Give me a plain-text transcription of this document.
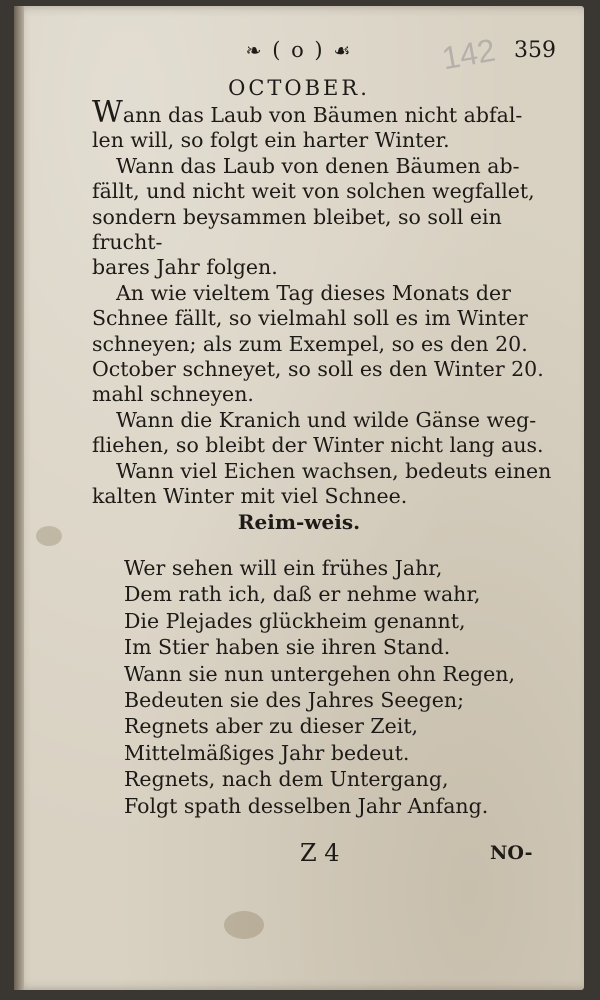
❧ ( o ) ☙	142 359
OCTOBER.

Wann das Laub von Bäumen nicht abfal-
len will, so folgt ein harter Winter.

Wann das Laub von denen Bäumen ab-
fällt, und nicht weit von solchen wegfallet,
sondern beysammen bleibet, so soll ein frucht-
bares Jahr folgen.

An wie vieltem Tag dieses Monats der
Schnee fällt, so vielmahl soll es im Winter
schneyen; als zum Exempel, so es den 20.
October schneyet, so soll es den Winter 20.
mahl schneyen.

Wann die Kranich und wilde Gänse weg-
fliehen, so bleibt der Winter nicht lang aus.

Wann viel Eichen wachsen, bedeuts einen
kalten Winter mit viel Schnee.

Reim-weis.
Wer sehen will ein frühes Jahr,
Dem rath ich, daß er nehme wahr,
Die Plejades glückheim genannt,
Im Stier haben sie ihren Stand.
Wann sie nun untergehen ohn Regen,
Bedeuten sie des Jahres Seegen;
Regnets aber zu dieser Zeit,
Mittelmäßiges Jahr bedeut.
Regnets, nach dem Untergang,
Folgt spath desselben Jahr Anfang.
Z 4	NO-
